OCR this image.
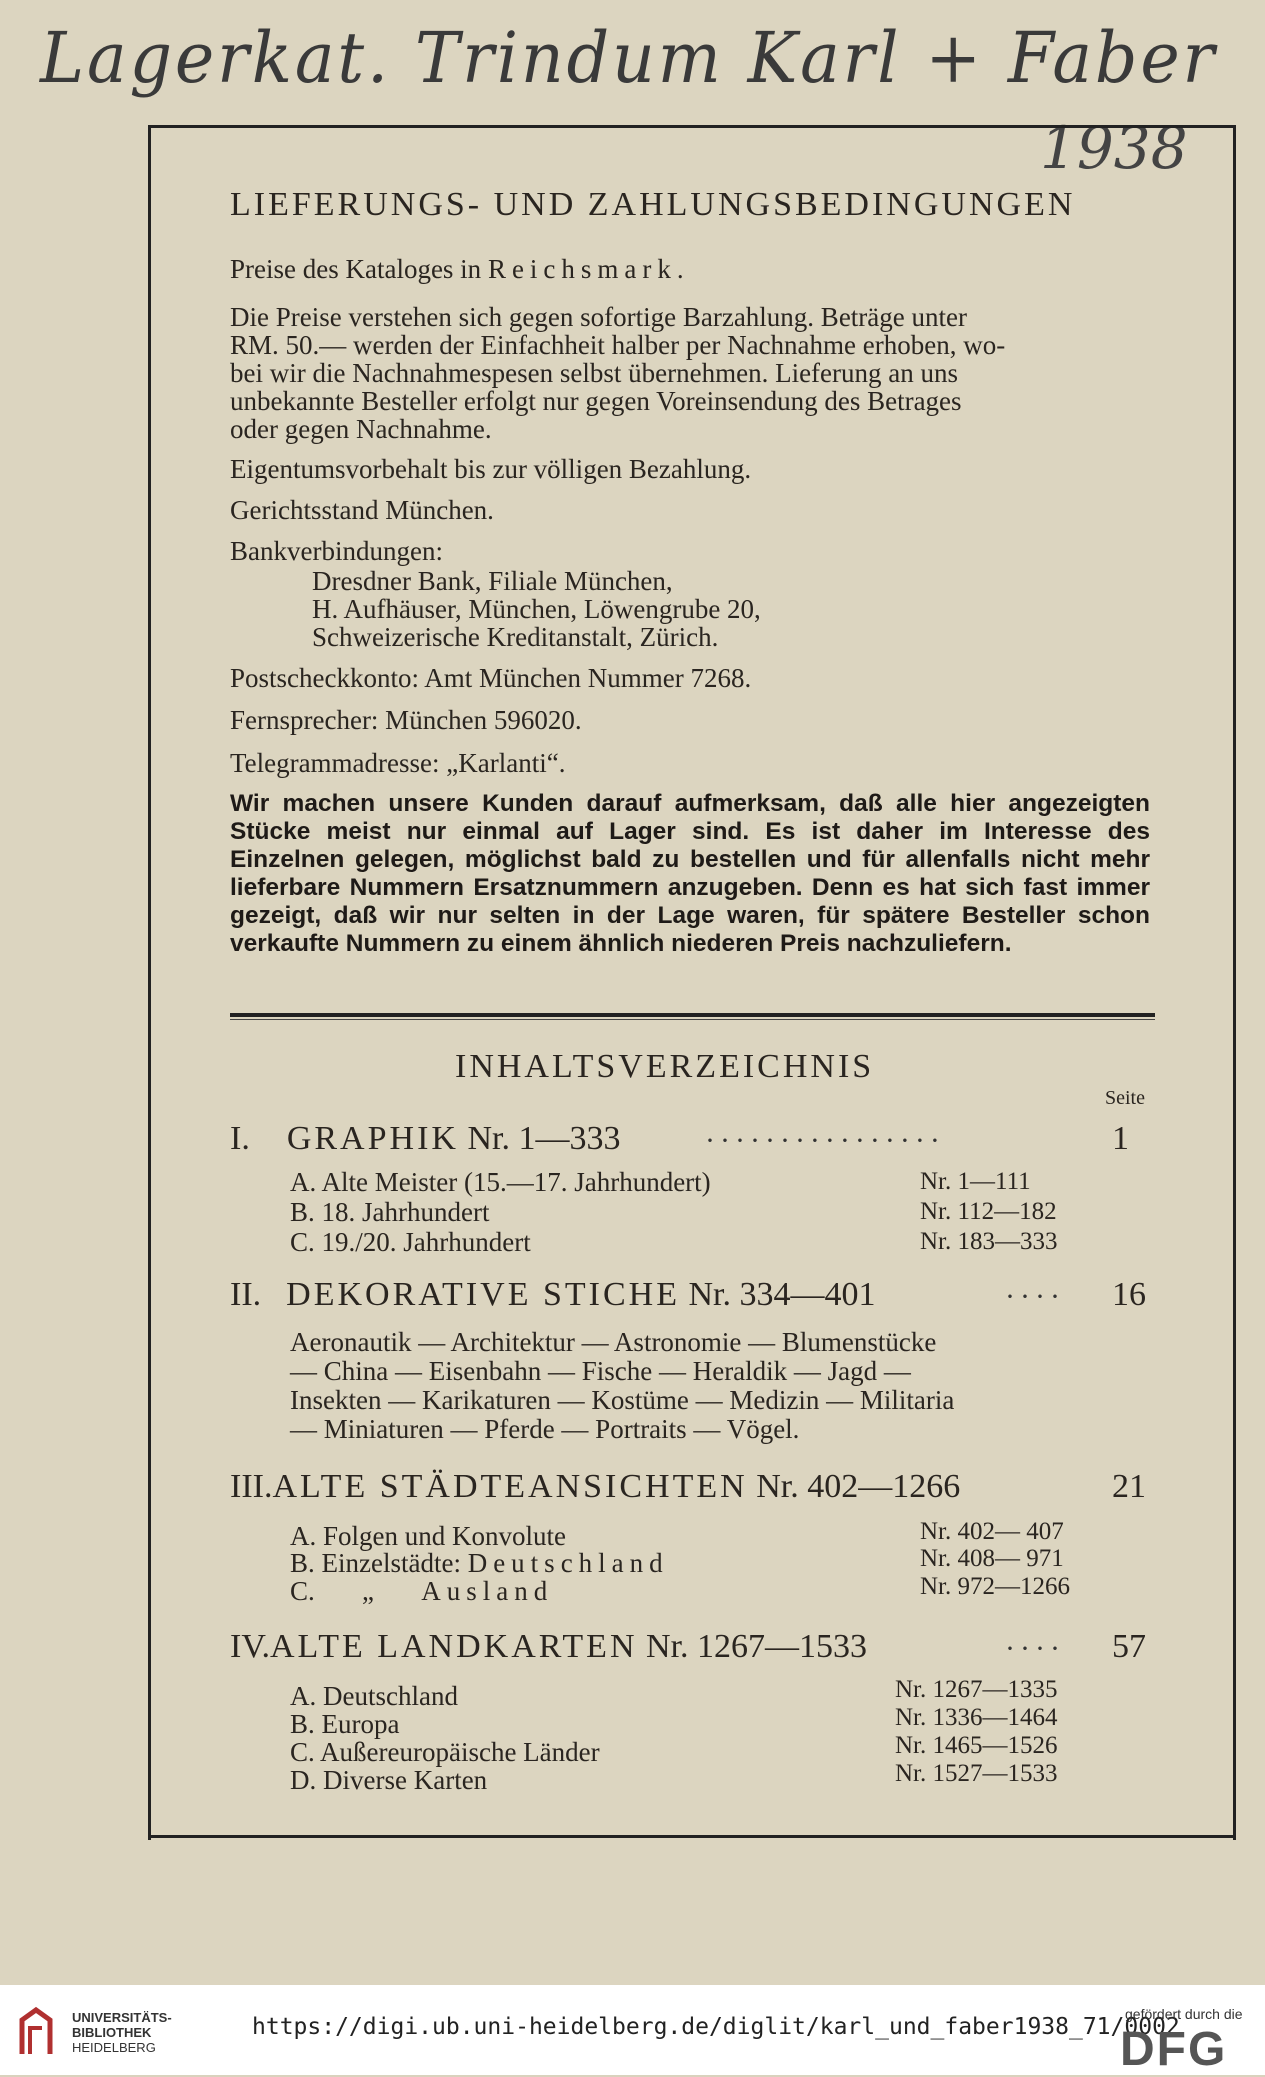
Lagerkat. Trindum Karl + Faber
1938
LIEFERUNGS- UND ZAHLUNGSBEDINGUNGEN
Preise des Kataloges in Reichsmark.
Die Preise verstehen sich gegen sofortige Barzahlung. Beträge unter
RM. 50.— werden der Einfachheit halber per Nachnahme erhoben, wo-
bei wir die Nachnahmespesen selbst übernehmen. Lieferung an uns
unbekannte Besteller erfolgt nur gegen Voreinsendung des Betrages
oder gegen Nachnahme.
Eigentumsvorbehalt bis zur völligen Bezahlung.
Gerichtsstand München.
Bankverbindungen:
Dresdner Bank, Filiale München,
H. Aufhäuser, München, Löwengrube 20,
Schweizerische Kreditanstalt, Zürich.
Postscheckkonto: Amt München Nummer 7268.
Fernsprecher: München 596020.
Telegrammadresse: „Karlanti“.
Wir machen unsere Kunden darauf aufmerksam, daß alle hier angezeigten Stücke meist nur einmal auf Lager sind. Es ist daher im Interesse des Einzelnen gelegen, möglichst bald zu bestellen und für allenfalls nicht mehr lieferbare Nummern Ersatznummern anzugeben. Denn es hat sich fast immer gezeigt, daß wir nur selten in der Lage waren, für spätere Besteller schon verkaufte Nummern zu einem ähnlich niederen Preis nachzuliefern.
INHALTSVERZEICHNIS
Seite
I. GRAPHIK Nr. 1—333	················	1
A. Alte Meister (15.—17. Jahrhundert)	Nr. 1—111
B. 18. Jahrhundert	Nr. 112—182
C. 19./20. Jahrhundert	Nr. 183—333
II. DEKORATIVE STICHE Nr. 334—401	···· 16
Aeronautik — Architektur — Astronomie — Blumenstücke
— China — Eisenbahn — Fische — Heraldik — Jagd —
Insekten — Karikaturen — Kostüme — Medizin — Militaria
— Miniaturen — Pferde — Portraits — Vögel.
III.ALTE STÄDTEANSICHTEN Nr. 402—1266	21
A. Folgen und Konvolute	Nr. 402— 407
B. Einzelstädte: Deutschland	Nr. 408— 971
C.       „       Ausland	Nr. 972—1266
IV.ALTE LANDKARTEN Nr. 1267—1533	···· 57
A. Deutschland	Nr. 1267—1335
B. Europa	Nr. 1336—1464
C. Außereuropäische Länder	Nr. 1465—1526
D. Diverse Karten	Nr. 1527—1533
UNIVERSITÄTS-
BIBLIOTHEK
HEIDELBERG
https://digi.ub.uni-heidelberg.de/diglit/karl_und_faber1938_71/0002
gefördert durch die
DFG
